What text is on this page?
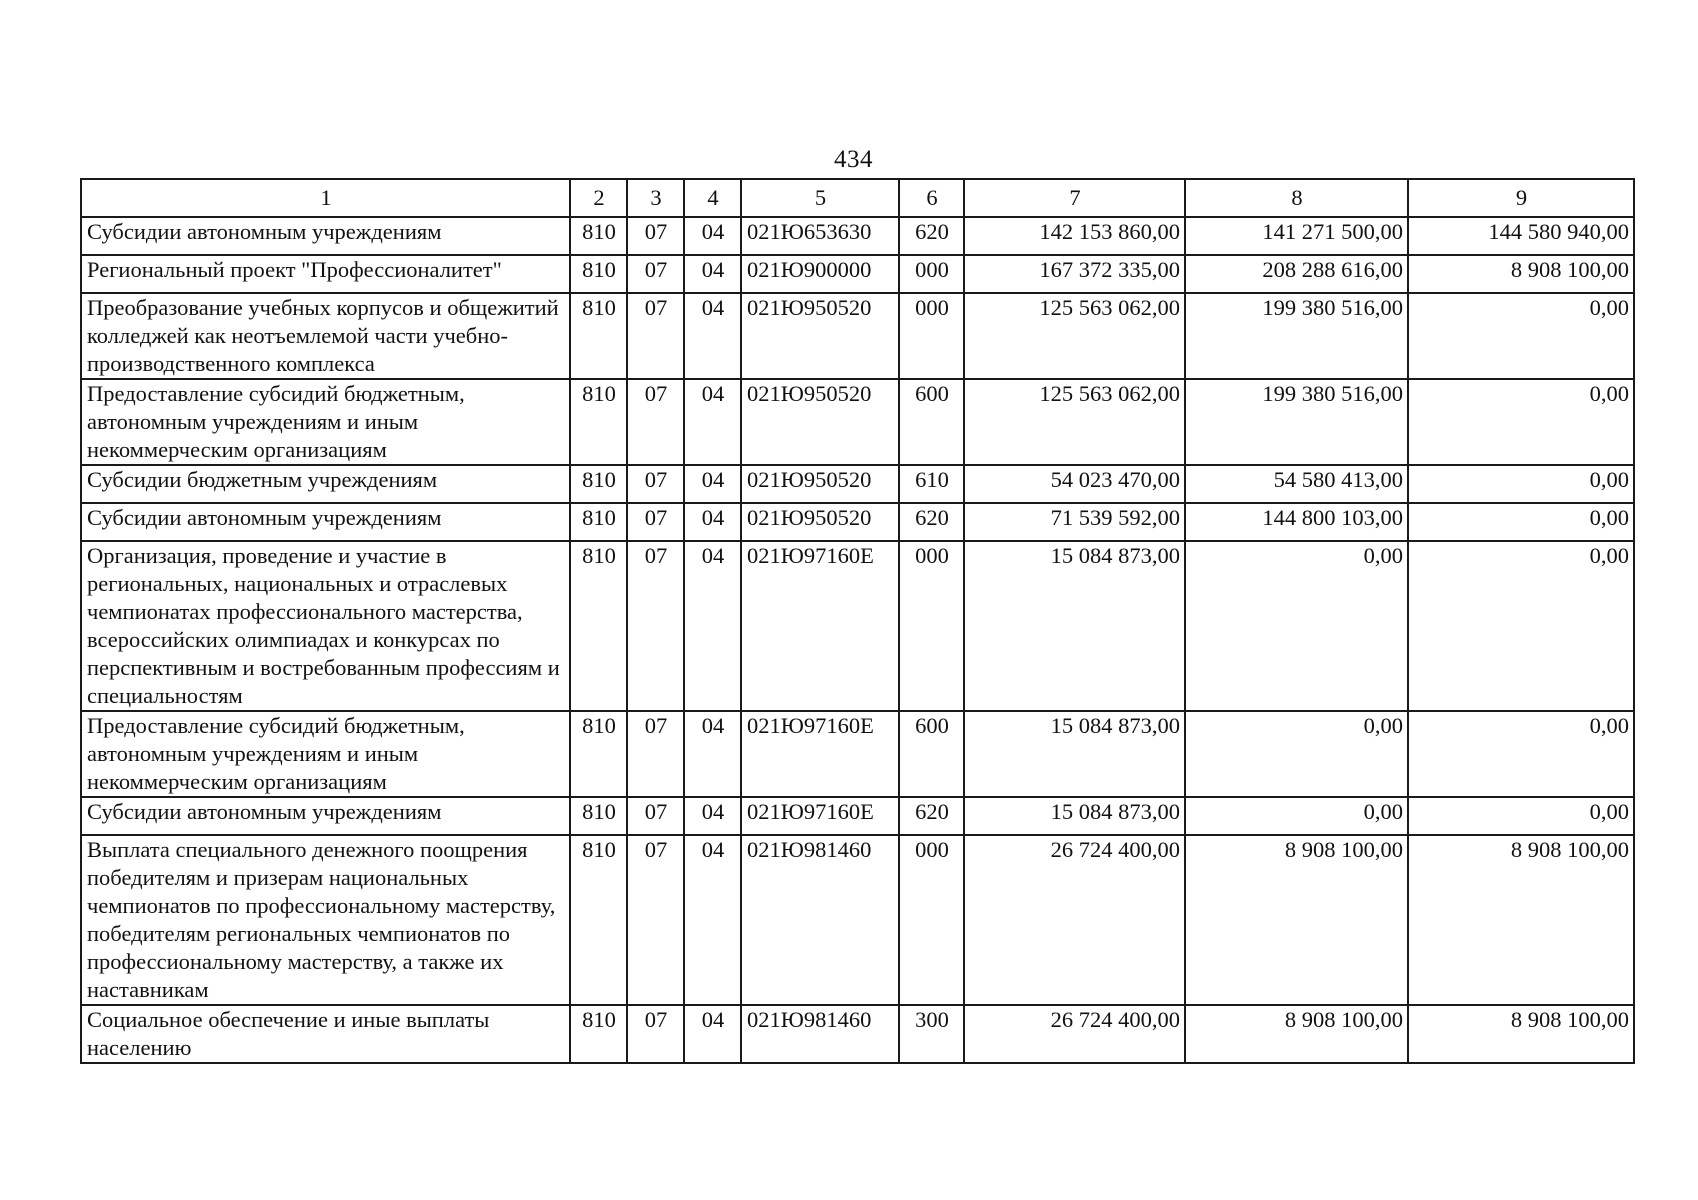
434
1	2	3	4	5	6	7	8	9
Субсидии автономным учреждениям	810	07	04	021Ю653630	620	142 153 860,00	141 271 500,00	144 580 940,00
Региональный проект "Профессионалитет"	810	07	04	021Ю900000	000	167 372 335,00	208 288 616,00	8 908 100,00
Преобразование учебных корпусов и общежитий колледжей как неотъемлемой части учебно-производственного комплекса	810	07	04	021Ю950520	000	125 563 062,00	199 380 516,00	0,00
Предоставление субсидий бюджетным, автономным учреждениям и иным некоммерческим организациям	810	07	04	021Ю950520	600	125 563 062,00	199 380 516,00	0,00
Субсидии бюджетным учреждениям	810	07	04	021Ю950520	610	54 023 470,00	54 580 413,00	0,00
Субсидии автономным учреждениям	810	07	04	021Ю950520	620	71 539 592,00	144 800 103,00	0,00
Организация, проведение и участие в региональных, национальных и отраслевых чемпионатах профессионального мастерства, всероссийских олимпиадах и конкурсах по перспективным и востребованным профессиям и специальностям	810	07	04	021Ю97160Е	000	15 084 873,00	0,00	0,00
Предоставление субсидий бюджетным, автономным учреждениям и иным некоммерческим организациям	810	07	04	021Ю97160Е	600	15 084 873,00	0,00	0,00
Субсидии автономным учреждениям	810	07	04	021Ю97160Е	620	15 084 873,00	0,00	0,00
Выплата специального денежного поощрения победителям и призерам национальных чемпионатов по профессиональному мастерству, победителям региональных чемпионатов по профессиональному мастерству, а также их наставникам	810	07	04	021Ю981460	000	26 724 400,00	8 908 100,00	8 908 100,00
Социальное обеспечение и иные выплаты населению	810	07	04	021Ю981460	300	26 724 400,00	8 908 100,00	8 908 100,00
